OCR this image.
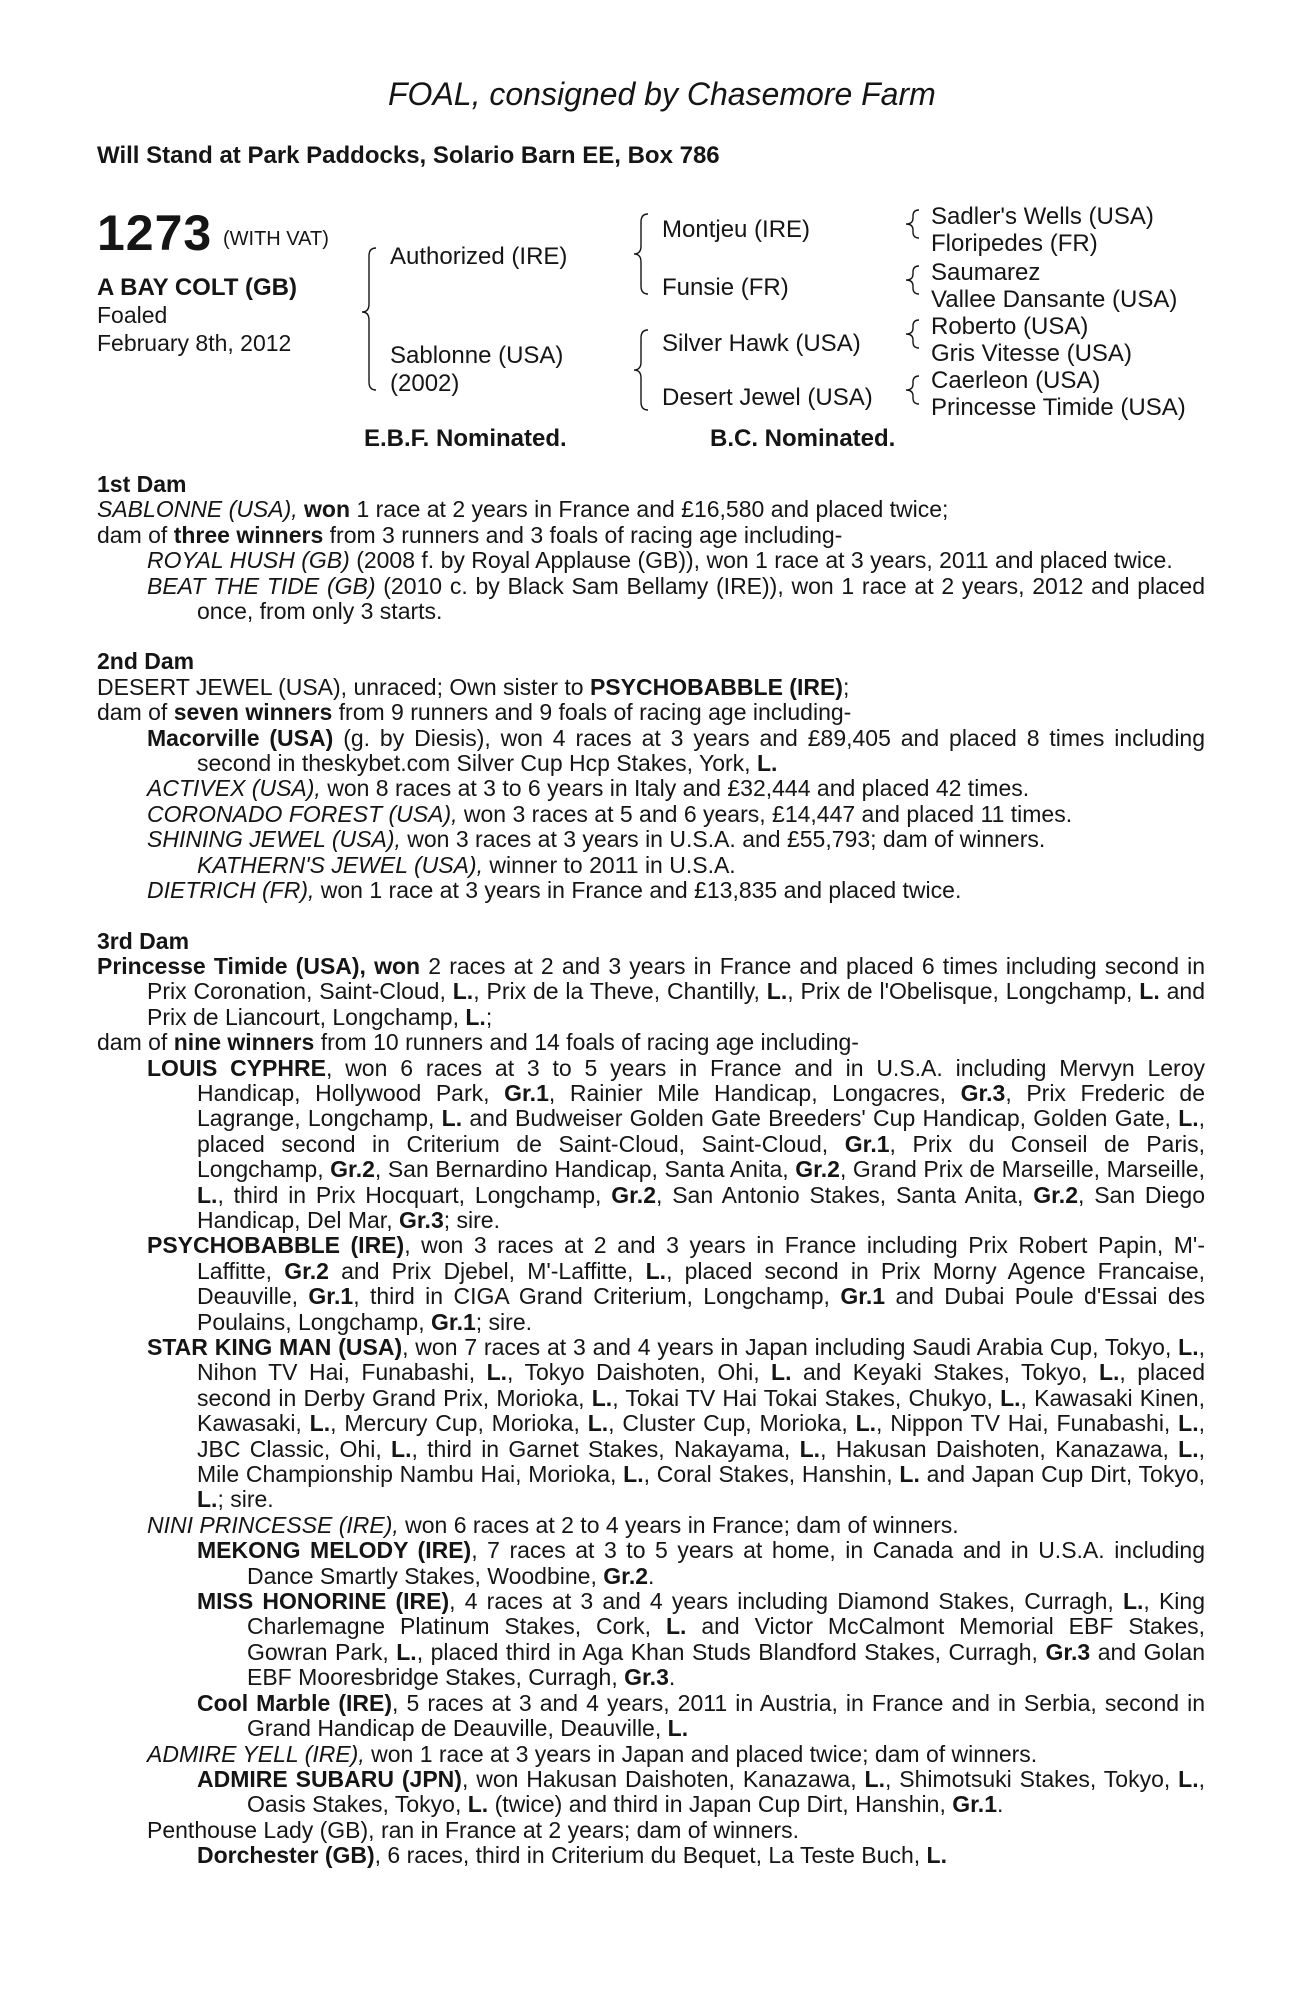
FOAL, consigned by Chasemore Farm
Will Stand at Park Paddocks, Solario Barn EE, Box 786
1273 (WITH VAT)
A BAY COLT (GB)
Foaled
February 8th, 2012
Authorized (IRE)
Sablonne (USA)
(2002)
Montjeu (IRE)
Funsie (FR)
Silver Hawk (USA)
Desert Jewel (USA)
Sadler's Wells (USA)
Floripedes (FR)
Saumarez
Vallee Dansante (USA)
Roberto (USA)
Gris Vitesse (USA)
Caerleon (USA)
Princesse Timide (USA)
E.B.F. Nominated.	B.C. Nominated.

1st Dam

SABLONNE (USA), won 1 race at 2 years in France and £16,580 and placed twice;

dam of three winners from 3 runners and 3 foals of racing age including-

ROYAL HUSH (GB) (2008 f. by Royal Applause (GB)), won 1 race at 3 years, 2011 and placed twice.

BEAT THE TIDE (GB) (2010 c. by Black Sam Bellamy (IRE)), won 1 race at 2 years, 2012 and placed once, from only 3 starts.

2nd Dam

DESERT JEWEL (USA), unraced; Own sister to PSYCHOBABBLE (IRE);

dam of seven winners from 9 runners and 9 foals of racing age including-

Macorville (USA) (g. by Diesis), won 4 races at 3 years and £89,405 and placed 8 times including second in theskybet.com Silver Cup Hcp Stakes, York, L.

ACTIVEX (USA), won 8 races at 3 to 6 years in Italy and £32,444 and placed 42 times.

CORONADO FOREST (USA), won 3 races at 5 and 6 years, £14,447 and placed 11 times.

SHINING JEWEL (USA), won 3 races at 3 years in U.S.A. and £55,793; dam of winners.

KATHERN'S JEWEL (USA), winner to 2011 in U.S.A.

DIETRICH (FR), won 1 race at 3 years in France and £13,835 and placed twice.

3rd Dam

Princesse Timide (USA), won 2 races at 2 and 3 years in France and placed 6 times including second in Prix Coronation, Saint-Cloud, L., Prix de la Theve, Chantilly, L., Prix de l'Obelisque, Longchamp, L. and Prix de Liancourt, Longchamp, L.;

dam of nine winners from 10 runners and 14 foals of racing age including-

LOUIS CYPHRE, won 6 races at 3 to 5 years in France and in U.S.A. including Mervyn Leroy Handicap, Hollywood Park, Gr.1, Rainier Mile Handicap, Longacres, Gr.3, Prix Frederic de Lagrange, Longchamp, L. and Budweiser Golden Gate Breeders' Cup Handicap, Golden Gate, L., placed second in Criterium de Saint-Cloud, Saint-Cloud, Gr.1, Prix du Conseil de Paris, Longchamp, Gr.2, San Bernardino Handicap, Santa Anita, Gr.2, Grand Prix de Marseille, Marseille, L., third in Prix Hocquart, Longchamp, Gr.2, San Antonio Stakes, Santa Anita, Gr.2, San Diego Handicap, Del Mar, Gr.3; sire.

PSYCHOBABBLE (IRE), won 3 races at 2 and 3 years in France including Prix Robert Papin, M'-Laffitte, Gr.2 and Prix Djebel, M'-Laffitte, L., placed second in Prix Morny Agence Francaise, Deauville, Gr.1, third in CIGA Grand Criterium, Longchamp, Gr.1 and Dubai Poule d'Essai des Poulains, Longchamp, Gr.1; sire.

STAR KING MAN (USA), won 7 races at 3 and 4 years in Japan including Saudi Arabia Cup, Tokyo, L., Nihon TV Hai, Funabashi, L., Tokyo Daishoten, Ohi, L. and Keyaki Stakes, Tokyo, L., placed second in Derby Grand Prix, Morioka, L., Tokai TV Hai Tokai Stakes, Chukyo, L., Kawasaki Kinen, Kawasaki, L., Mercury Cup, Morioka, L., Cluster Cup, Morioka, L., Nippon TV Hai, Funabashi, L., JBC Classic, Ohi, L., third in Garnet Stakes, Nakayama, L., Hakusan Daishoten, Kanazawa, L., Mile Championship Nambu Hai, Morioka, L., Coral Stakes, Hanshin, L. and Japan Cup Dirt, Tokyo, L.; sire.

NINI PRINCESSE (IRE), won 6 races at 2 to 4 years in France; dam of winners.

MEKONG MELODY (IRE), 7 races at 3 to 5 years at home, in Canada and in U.S.A. including Dance Smartly Stakes, Woodbine, Gr.2.

MISS HONORINE (IRE), 4 races at 3 and 4 years including Diamond Stakes, Curragh, L., King Charlemagne Platinum Stakes, Cork, L. and Victor McCalmont Memorial EBF Stakes, Gowran Park, L., placed third in Aga Khan Studs Blandford Stakes, Curragh, Gr.3 and Golan EBF Mooresbridge Stakes, Curragh, Gr.3.

Cool Marble (IRE), 5 races at 3 and 4 years, 2011 in Austria, in France and in Serbia, second in Grand Handicap de Deauville, Deauville, L.

ADMIRE YELL (IRE), won 1 race at 3 years in Japan and placed twice; dam of winners.

ADMIRE SUBARU (JPN), won Hakusan Daishoten, Kanazawa, L., Shimotsuki Stakes, Tokyo, L., Oasis Stakes, Tokyo, L. (twice) and third in Japan Cup Dirt, Hanshin, Gr.1.

Penthouse Lady (GB), ran in France at 2 years; dam of winners.

Dorchester (GB), 6 races, third in Criterium du Bequet, La Teste Buch, L.
